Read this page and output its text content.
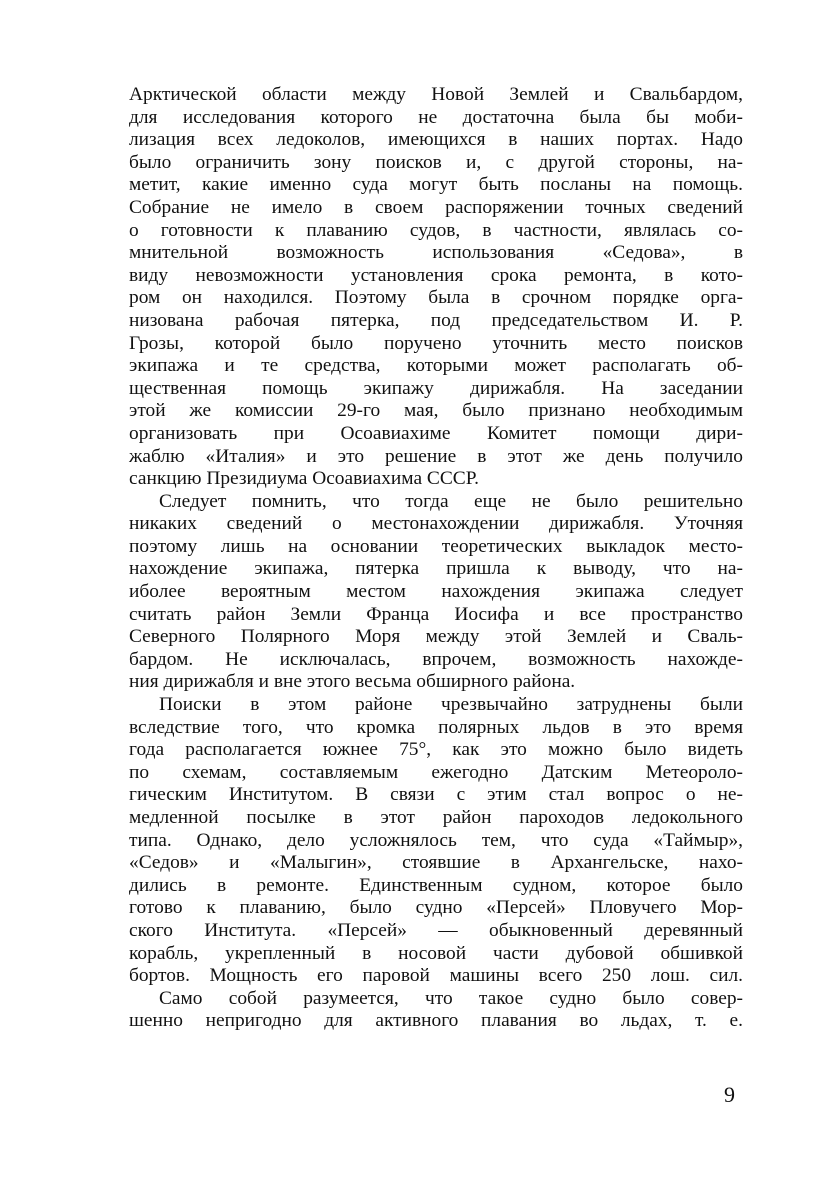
Арктической области между Новой Землей и Свальбардом,
для исследования которого не достаточна была бы моби-
лизация всех ледоколов, имеющихся в наших портах. Надо
было ограничить зону поисков и, с другой стороны, на-
метит, какие именно суда могут быть посланы на помощь.
Собрание не имело в своем распоряжении точных сведений
о готовности к плаванию судов, в частности, являлась со-
мнительной возможность использования «Седова», в
виду невозможности установления срока ремонта, в кото-
ром он находился. Поэтому была в срочном порядке орга-
низована рабочая пятерка, под председательством И. Р.
Грозы, которой было поручено уточнить место поисков
экипажа и те средства, которыми может располагать об-
щественная помощь экипажу дирижабля. На заседании
этой же комиссии 29-го мая, было признано необходимым
организовать при Осоавиахиме Комитет помощи дири-
жаблю «Италия» и это решение в этот же день получило
санкцию Президиума Осоавиахима СССР.
Следует помнить, что тогда еще не было решительно
никаких сведений о местонахождении дирижабля. Уточняя
поэтому лишь на основании теоретических выкладок место-
нахождение экипажа, пятерка пришла к выводу, что на-
иболее вероятным местом нахождения экипажа следует
считать район Земли Франца Иосифа и все пространство
Северного Полярного Моря между этой Землей и Сваль-
бардом. Не исключалась, впрочем, возможность нахожде-
ния дирижабля и вне этого весьма обширного района.
Поиски в этом районе чрезвычайно затруднены были
вследствие того, что кромка полярных льдов в это время
года располагается южнее 75°, как это можно было видеть
по схемам, составляемым ежегодно Датским Метеороло-
гическим Институтом. В связи с этим стал вопрос о не-
медленной посылке в этот район пароходов ледокольного
типа. Однако, дело усложнялось тем, что суда «Таймыр»,
«Седов» и «Малыгин», стоявшие в Архангельске, нахо-
дились в ремонте. Единственным судном, которое было
готово к плаванию, было судно «Персей» Пловучего Мор-
ского Института. «Персей» — обыкновенный деревянный
корабль, укрепленный в носовой части дубовой обшивкой
бортов. Мощность его паровой машины всего 250 лош. сил.
Само собой разумеется, что такое судно было совер-
шенно непригодно для активного плавания во льдах, т. е.
9
